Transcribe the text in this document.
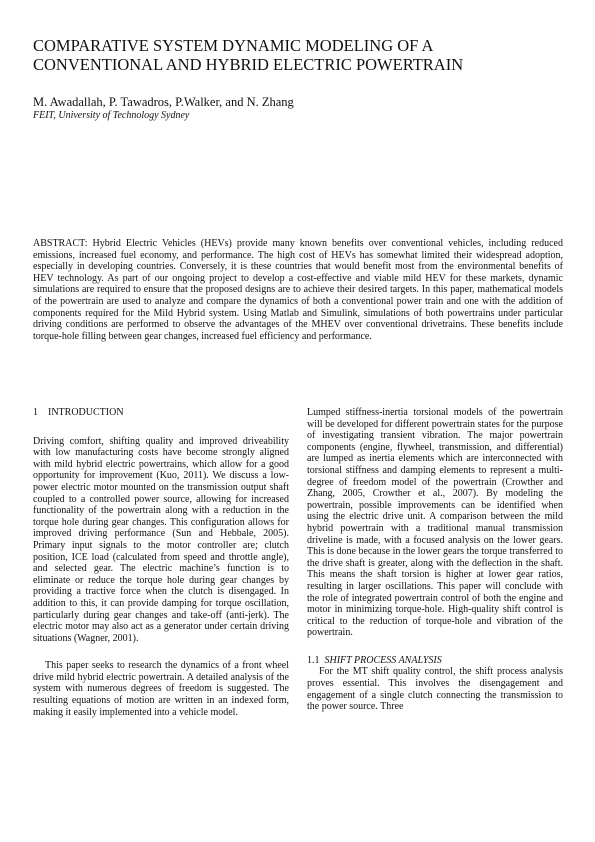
COMPARATIVE SYSTEM DYNAMIC MODELING OF A
CONVENTIONAL AND HYBRID ELECTRIC POWERTRAIN
M. Awadallah, P. Tawadros, P.Walker, and N. Zhang
FEIT, University of Technology Sydney

ABSTRACT: Hybrid Electric Vehicles (HEVs) provide many known benefits over conventional vehicles, including reduced emissions, increased fuel economy, and performance. The high cost of HEVs has somewhat limited their widespread adoption, especially in developing countries. Conversely, it is these countries that would benefit most from the environmental benefits of HEV technology. As part of our ongoing project to develop a cost-effective and viable mild HEV for these markets, dynamic simulations are required to ensure that the proposed designs are to achieve their desired targets. In this paper, mathematical models of the powertrain are used to analyze and compare the dynamics of both a conventional power train and one with the addition of components required for the Mild Hybrid system. Using Matlab and Simulink, simulations of both powertrains under particular driving conditions are performed to observe the advantages of the MHEV over conventional drivetrains. These benefits include torque-hole filling between gear changes, increased fuel efficiency and performance.

1 INTRODUCTION

Driving comfort, shifting quality and improved driveability with low manufacturing costs have become strongly aligned with mild hybrid electric powertrains, which allow for a good opportunity for improvement (Kuo, 2011). We discuss a low-power electric motor mounted on the transmission output shaft coupled to a controlled power source, allowing for increased functionality of the powertrain along with a reduction in the torque hole during gear changes. This configuration allows for improved driving performance (Sun and Hebbale, 2005). Primary input signals to the motor controller are; clutch position, ICE load (calculated from speed and throttle angle), and selected gear. The electric machine’s function is to eliminate or reduce the torque hole during gear changes by providing a tractive force when the clutch is disengaged. In addition to this, it can provide damping for torque oscillation, particularly during gear changes and take-off (anti-jerk). The electric motor may also act as a generator under certain driving situations (Wagner, 2001).

This paper seeks to research the dynamics of a front wheel drive mild hybrid electric powertrain. A detailed analysis of the system with numerous degrees of freedom is suggested. The resulting equations of motion are written in an indexed form, making it easily implemented into a vehicle model.

Lumped stiffness-inertia torsional models of the powertrain will be developed for different powertrain states for the purpose of investigating transient vibration. The major powertrain components (engine, flywheel, transmission, and differential) are lumped as inertia elements which are interconnected with torsional stiffness and damping elements to represent a multi-degree of freedom model of the powertrain (Crowther and Zhang, 2005, Crowther et al., 2007). By modeling the powertrain, possible improvements can be identified when using the electric drive unit. A comparison between the mild hybrid powertrain with a traditional manual transmission driveline is made, with a focused analysis on the lower gears. This is done because in the lower gears the torque transferred to the drive shaft is greater, along with the deflection in the shaft. This means the shaft torsion is higher at lower gear ratios, resulting in larger oscillations. This paper will conclude with the role of integrated powertrain control of both the engine and motor in minimizing torque-hole. High-quality shift control is critical to the reduction of torque-hole and vibration of the powertrain.

1.1 SHIFT PROCESS ANALYSIS

For the MT shift quality control, the shift process analysis proves essential. This involves the disengagement and engagement of a single clutch connecting the transmission to the power source. Three
